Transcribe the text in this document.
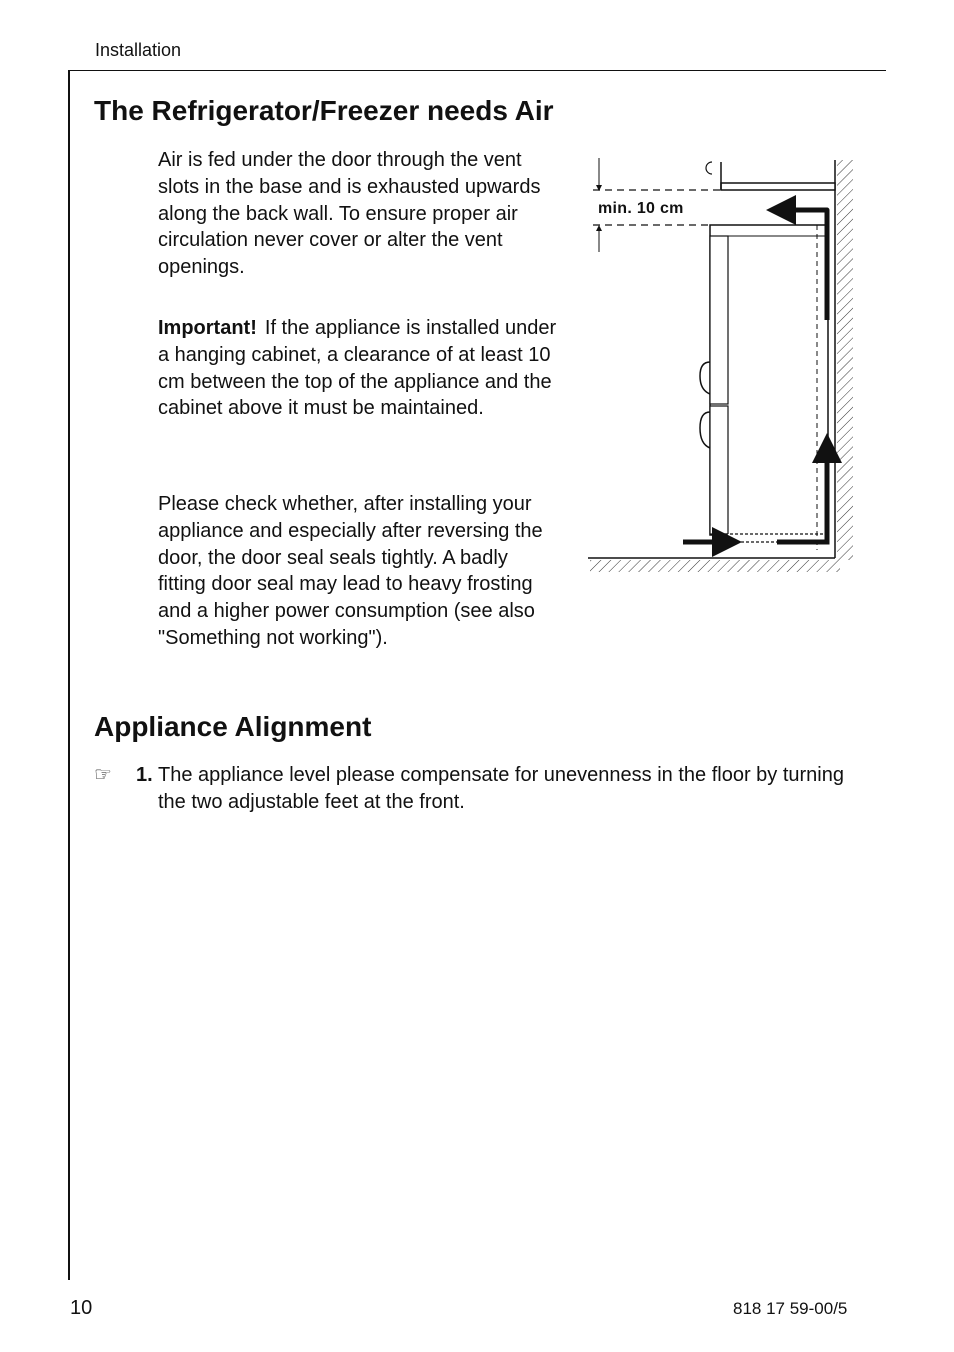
Installation
The Refrigerator/Freezer needs Air

Air is fed under the door through the vent slots in the base and is exhausted upwards along the back wall. To ensure proper air circulation never cover or alter the vent openings.

Important! If the appliance is installed under a hanging cabinet, a clearance of at least 10 cm between the top of the appliance and the cabinet above it must be maintained.

Please check whether, after installing your appliance and especially after reversing the door, the door seal seals tightly. A badly fitting door seal may lead to heavy frosting and a higher power consumption (see also "Something not working").

min. 10 cm
Appliance Alignment
☞ 1. The appliance level please compensate for unevenness in the floor by turning the two adjustable feet at the front.
10	818 17 59-00/5
